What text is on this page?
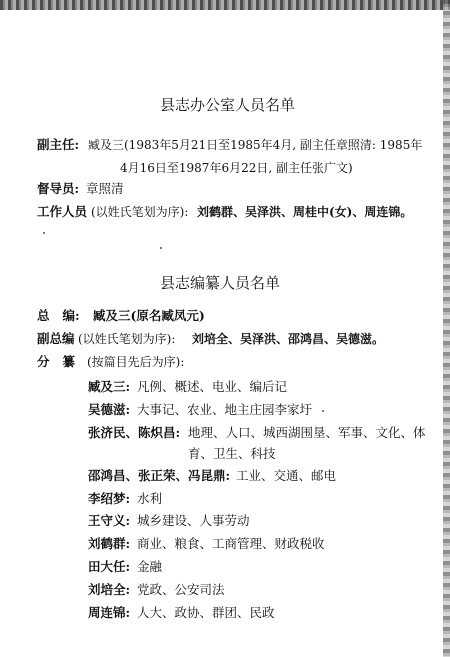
县志办公室人员名单
副主任: 臧及三(1983年5月21日至1985年4月, 副主任章照清: 1985年
4月16日至1987年6月22日, 副主任张广文)
督导员: 章照清
工作人员 (以姓氏笔划为序): 刘鹤群、吴泽洪、周桂中(女)、周连锦。
县志编纂人员名单
总   编: 臧及三(原名臧凤元)
副总编 (以姓氏笔划为序): 刘培全、吴泽洪、邵鸿昌、吴德滋。
分   纂 (按篇目先后为序):
臧及三: 凡例、概述、电业、编后记
吴德滋: 大事记、农业、地主庄园李家圩
张济民、陈炽昌: 地理、人口、城西湖围垦、军事、文化、体
育、卫生、科技
邵鸿昌、张正荣、冯昆鼎: 工业、交通、邮电
李绍梦: 水利
王守义: 城乡建设、人事劳动
刘鹤群: 商业、粮食、工商管理、财政税收
田大任: 金融
刘培全: 党政、公安司法
周连锦: 人大、政协、群团、民政
